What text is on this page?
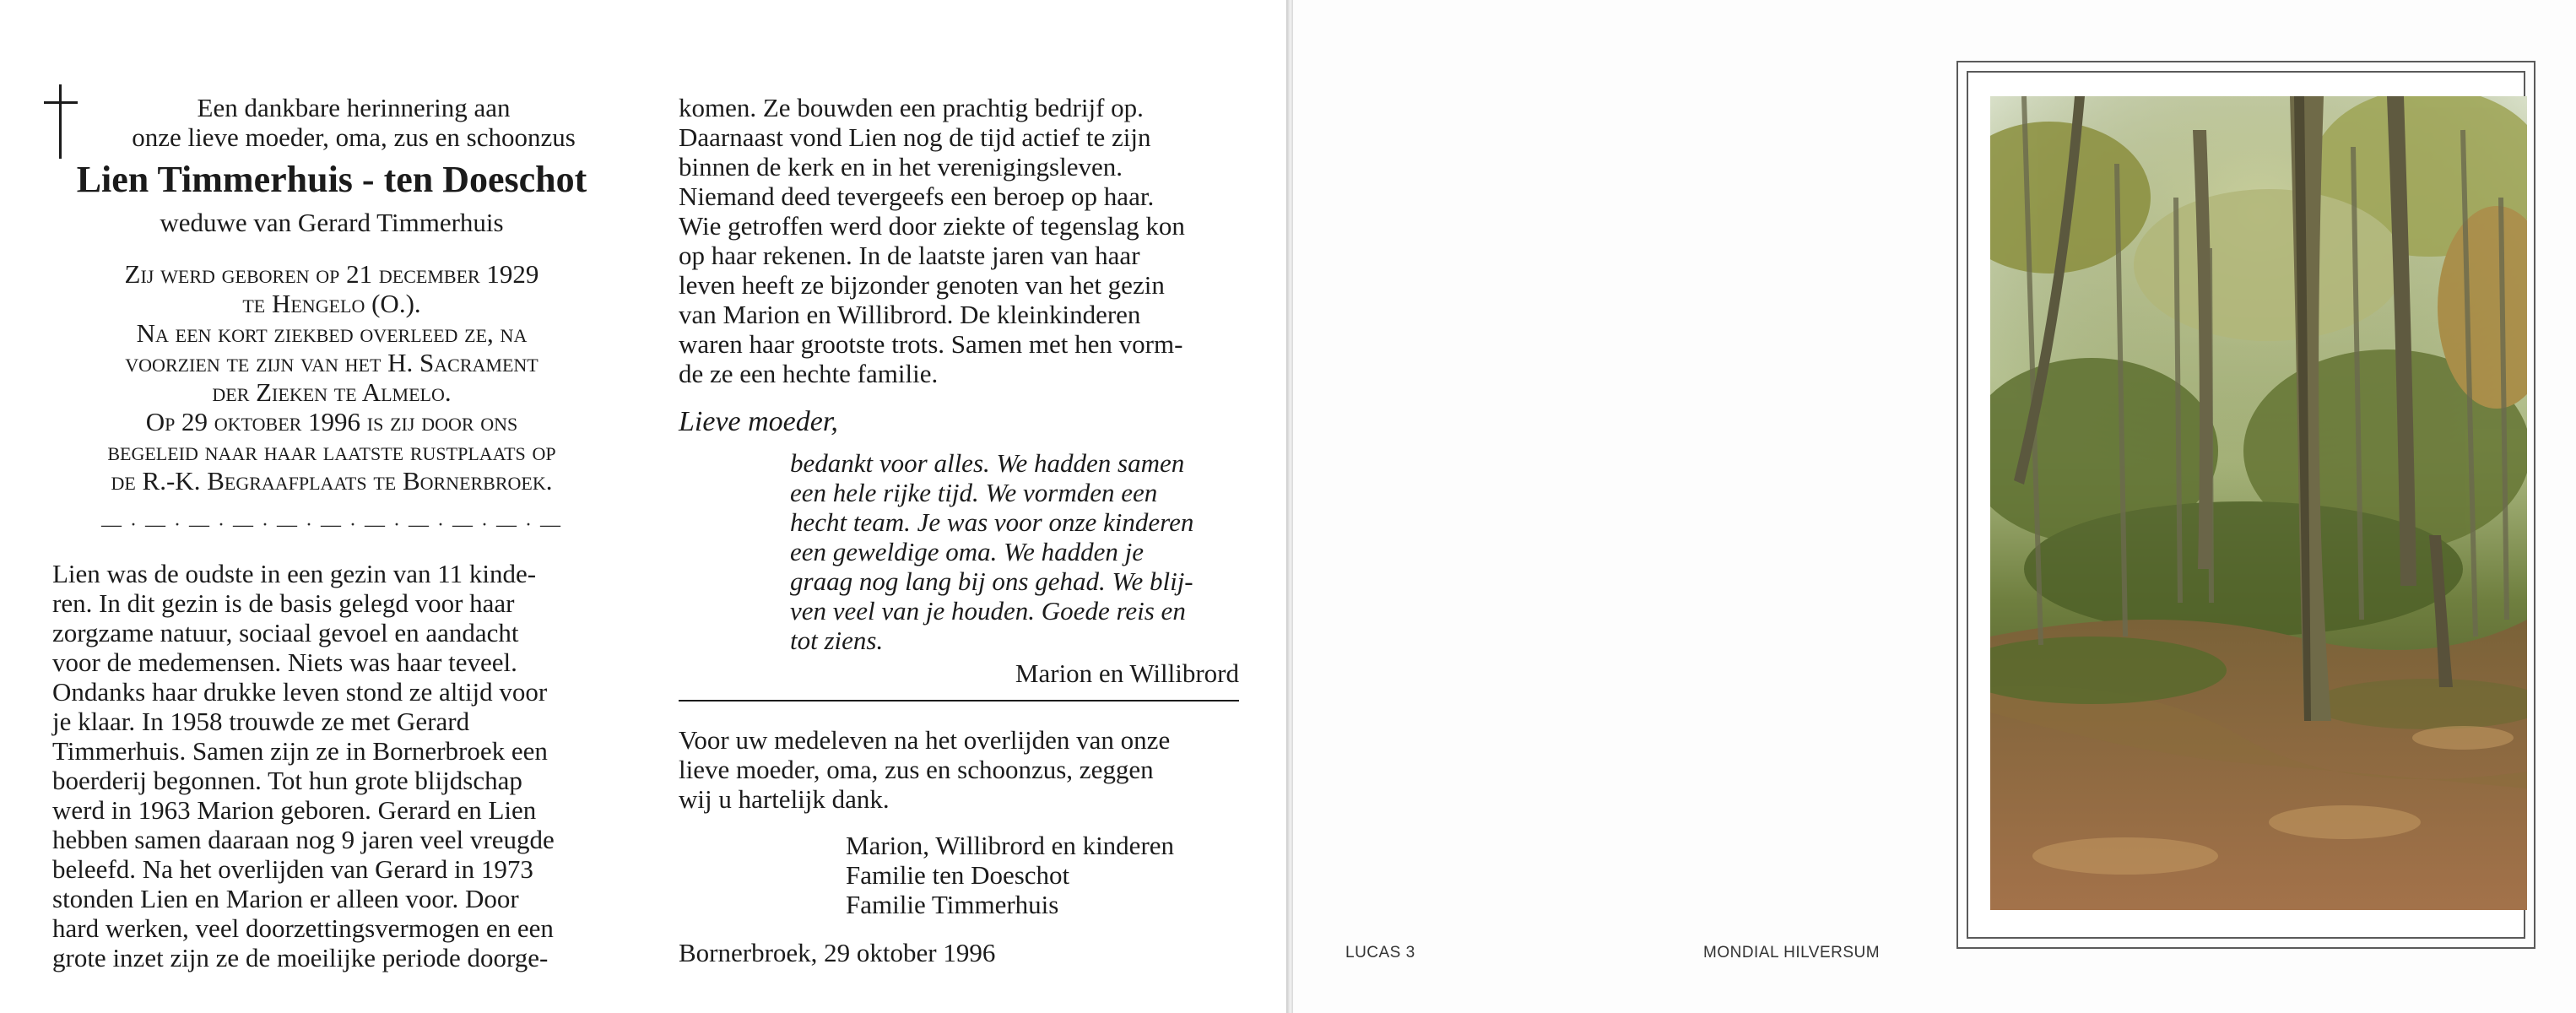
Een dankbare herinnering aan
onze lieve moeder, oma, zus en schoonzus
Lien Timmerhuis - ten Doeschot
weduwe van Gerard Timmerhuis
Zij werd geboren op 21 december 1929
te Hengelo (O.).
Na een kort ziekbed overleed ze, na
voorzien te zijn van het H. Sacrament
der Zieken te Almelo.
Op 29 oktober 1996 is zij door ons
begeleid naar haar laatste rustplaats op
de R.-K. Begraafplaats te Bornerbroek.
— · — · — · — · — · — · — · — · — · — · —
Lien was de oudste in een gezin van 11 kinde-
ren. In dit gezin is de basis gelegd voor haar
zorgzame natuur, sociaal gevoel en aandacht
voor de medemensen. Niets was haar teveel.
Ondanks haar drukke leven stond ze altijd voor
je klaar. In 1958 trouwde ze met Gerard
Timmerhuis. Samen zijn ze in Bornerbroek een
boerderij begonnen. Tot hun grote blijdschap
werd in 1963 Marion geboren. Gerard en Lien
hebben samen daaraan nog 9 jaren veel vreugde
beleefd. Na het overlijden van Gerard in 1973
stonden Lien en Marion er alleen voor. Door
hard werken, veel doorzettingsvermogen en een
grote inzet zijn ze de moeilijke periode doorge-
komen. Ze bouwden een prachtig bedrijf op.
Daarnaast vond Lien nog de tijd actief te zijn
binnen de kerk en in het verenigingsleven.
Niemand deed tevergeefs een beroep op haar.
Wie getroffen werd door ziekte of tegenslag kon
op haar rekenen. In de laatste jaren van haar
leven heeft ze bijzonder genoten van het gezin
van Marion en Willibrord. De kleinkinderen
waren haar grootste trots. Samen met hen vorm-
de ze een hechte familie.
Lieve moeder,
bedankt voor alles. We hadden samen
een hele rijke tijd. We vormden een
hecht team. Je was voor onze kinderen
een geweldige oma. We hadden je
graag nog lang bij ons gehad. We blij-
ven veel van je houden. Goede reis en
tot ziens.
Marion en Willibrord
Voor uw medeleven na het overlijden van onze
lieve moeder, oma, zus en schoonzus, zeggen
wij u hartelijk dank.
Marion, Willibrord en kinderen
Familie ten Doeschot
Familie Timmerhuis
Bornerbroek, 29 oktober 1996	LUCAS 3	MONDIAL HILVERSUM
